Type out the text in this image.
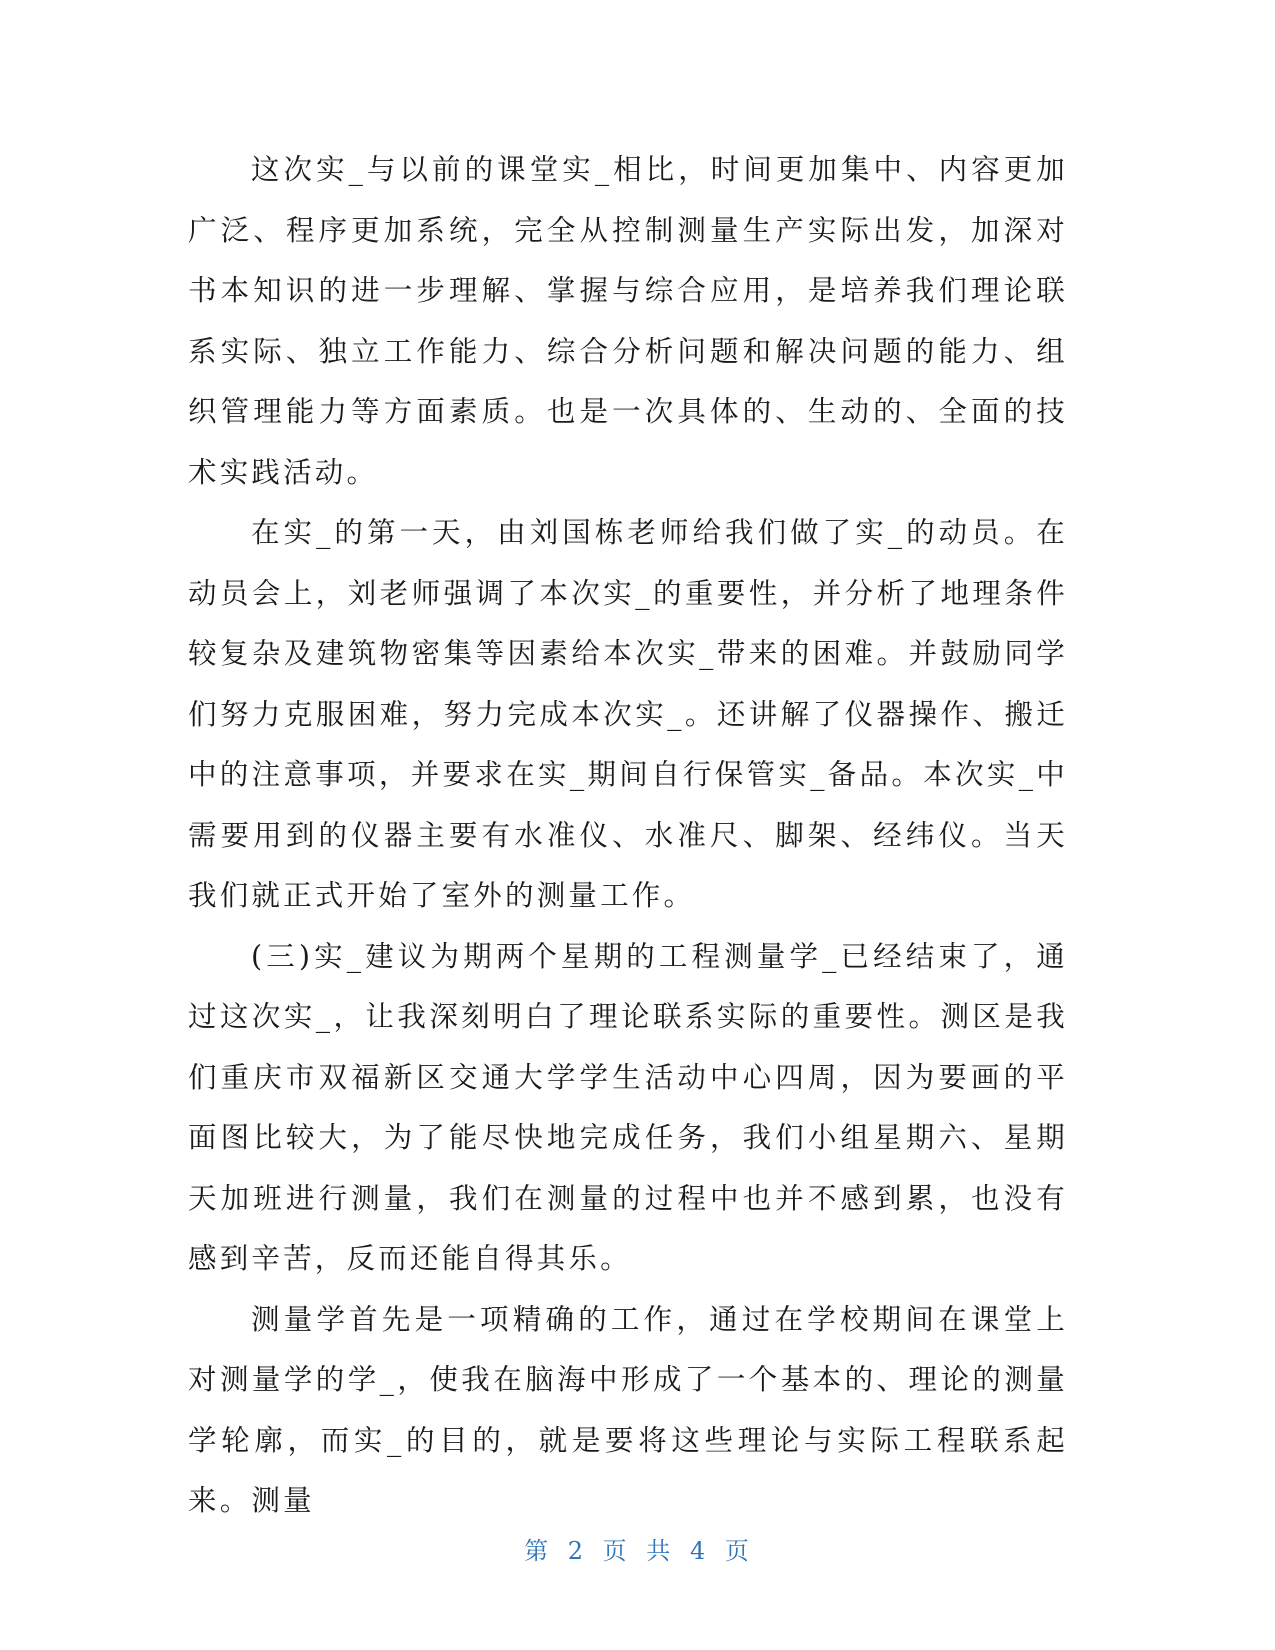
这次实_与以前的课堂实_相比，时间更加集中、内容更加广泛、程序更加系统，完全从控制测量生产实际出发，加深对书本知识的进一步理解、掌握与综合应用，是培养我们理论联系实际、独立工作能力、综合分析问题和解决问题的能力、组织管理能力等方面素质。也是一次具体的、生动的、全面的技术实践活动。

在实_的第一天，由刘国栋老师给我们做了实_的动员。在动员会上，刘老师强调了本次实_的重要性，并分析了地理条件较复杂及建筑物密集等因素给本次实_带来的困难。并鼓励同学们努力克服困难，努力完成本次实_。还讲解了仪器操作、搬迁中的注意事项，并要求在实_期间自行保管实_备品。本次实_中需要用到的仪器主要有水准仪、水准尺、脚架、经纬仪。当天我们就正式开始了室外的测量工作。

(三)实_建议为期两个星期的工程测量学_已经结束了，通过这次实_，让我深刻明白了理论联系实际的重要性。测区是我们重庆市双福新区交通大学学生活动中心四周，因为要画的平面图比较大，为了能尽快地完成任务，我们小组星期六、星期天加班进行测量，我们在测量的过程中也并不感到累，也没有感到辛苦，反而还能自得其乐。

测量学首先是一项精确的工作，通过在学校期间在课堂上对测量学的学_，使我在脑海中形成了一个基本的、理论的测量学轮廓，而实_的目的，就是要将这些理论与实际工程联系起来。测量

第 2 页 共 4 页
